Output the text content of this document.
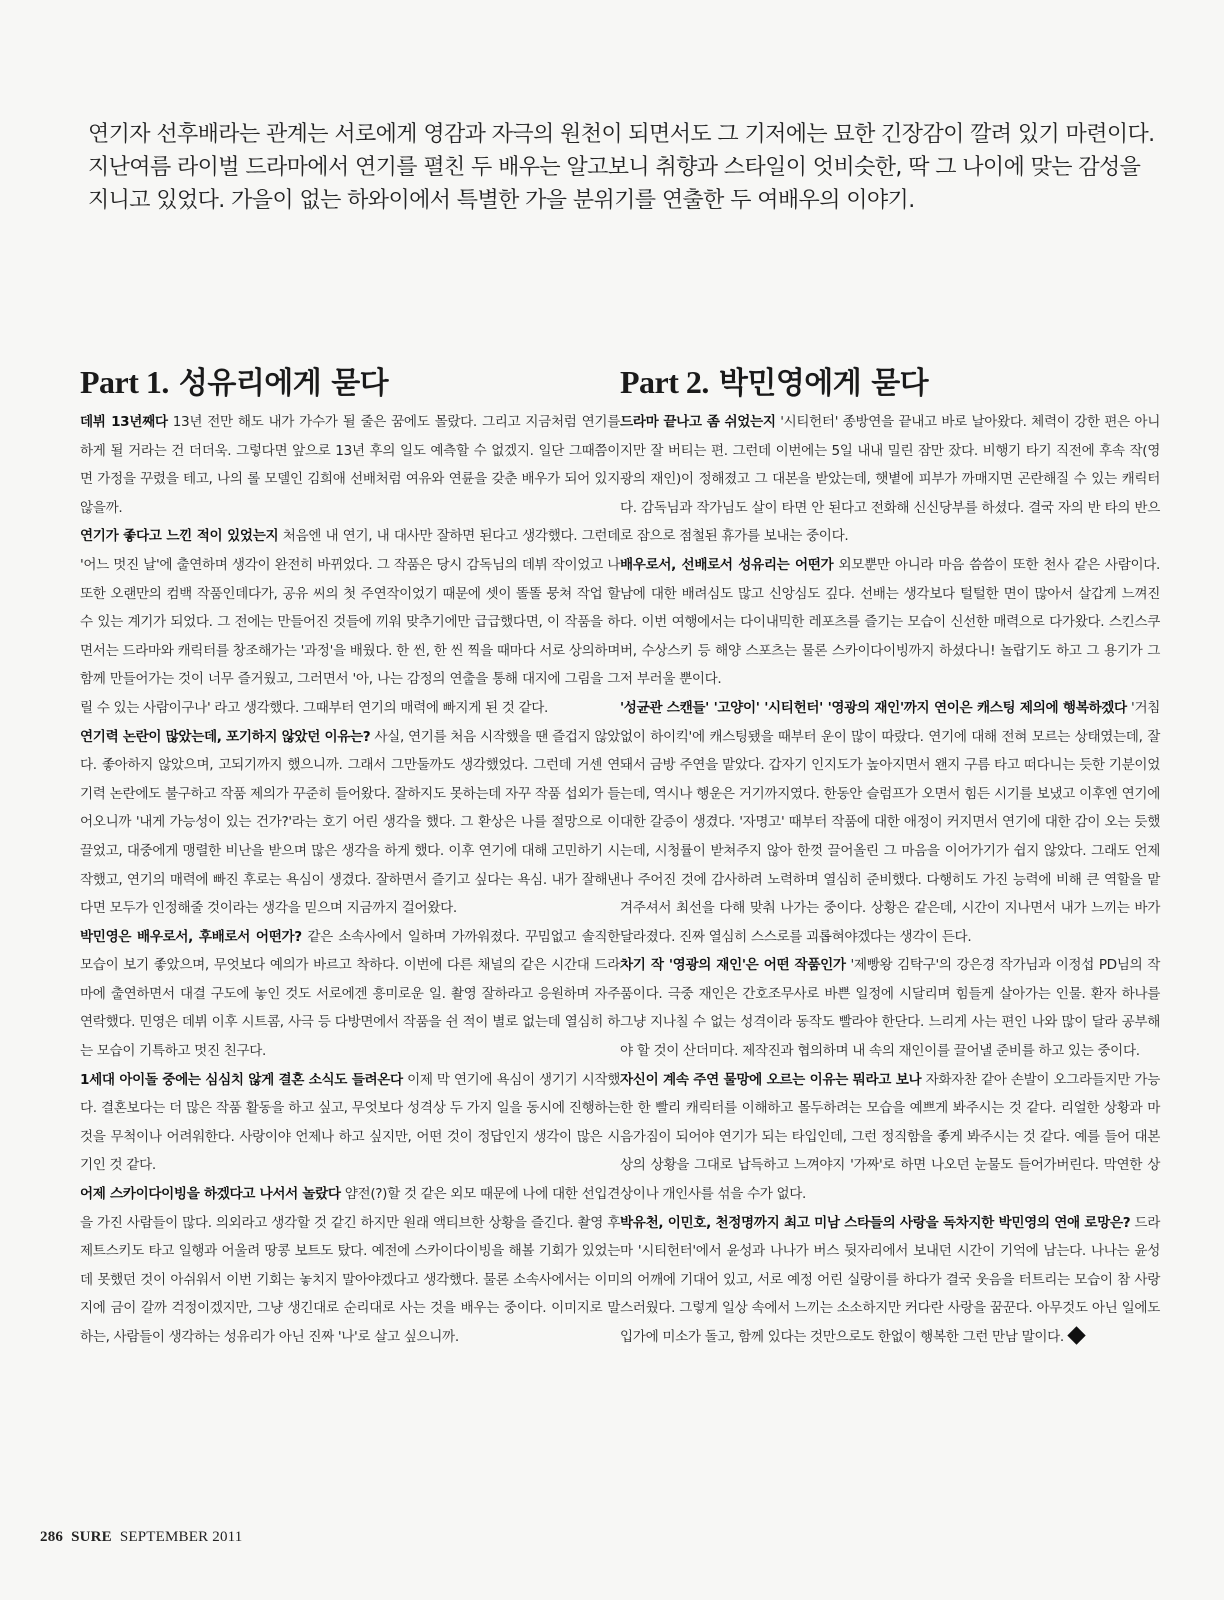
연기자 선후배라는 관계는 서로에게 영감과 자극의 원천이 되면서도 그 기저에는 묘한 긴장감이 깔려 있기 마련이다.

지난여름 라이벌 드라마에서 연기를 펼친 두 배우는 알고보니 취향과 스타일이 엇비슷한, 딱 그 나이에 맞는 감성을

지니고 있었다. 가을이 없는 하와이에서 특별한 가을 분위기를 연출한 두 여배우의 이야기.

Part 1. 성유리에게 묻다

데뷔 13년째다 13년 전만 해도 내가 가수가 될 줄은 꿈에도 몰랐다. 그리고 지금처럼 연기를 하게 될 거라는 건 더더욱. 그렇다면 앞으로 13년 후의 일도 예측할 수 없겠지. 일단 그때쯤이면 가정을 꾸렸을 테고, 나의 롤 모델인 김희애 선배처럼 여유와 연륜을 갖춘 배우가 되어 있지 않을까.

연기가 좋다고 느낀 적이 있었는지 처음엔 내 연기, 내 대사만 잘하면 된다고 생각했다. 그런데 '어느 멋진 날'에 출연하며 생각이 완전히 바뀌었다. 그 작품은 당시 감독님의 데뷔 작이었고 나 또한 오랜만의 컴백 작품인데다가, 공유 씨의 첫 주연작이었기 때문에 셋이 똘똘 뭉쳐 작업 할 수 있는 계기가 되었다. 그 전에는 만들어진 것들에 끼워 맞추기에만 급급했다면, 이 작품을 하면서는 드라마와 캐릭터를 창조해가는 '과정'을 배웠다. 한 씬, 한 씬 찍을 때마다 서로 상의하며 함께 만들어가는 것이 너무 즐거웠고, 그러면서 '아, 나는 감정의 연출을 통해 대지에 그림을 그릴 수 있는 사람이구나' 라고 생각했다. 그때부터 연기의 매력에 빠지게 된 것 같다.

연기력 논란이 많았는데, 포기하지 않았던 이유는? 사실, 연기를 처음 시작했을 땐 즐겁지 않았다. 좋아하지 않았으며, 고되기까지 했으니까. 그래서 그만둘까도 생각했었다. 그런데 거센 연기력 논란에도 불구하고 작품 제의가 꾸준히 들어왔다. 잘하지도 못하는데 자꾸 작품 섭외가 들어오니까 '내게 가능성이 있는 건가?'라는 호기 어린 생각을 했다. 그 환상은 나를 절망으로 이끌었고, 대중에게 맹렬한 비난을 받으며 많은 생각을 하게 했다. 이후 연기에 대해 고민하기 시작했고, 연기의 매력에 빠진 후로는 욕심이 생겼다. 잘하면서 즐기고 싶다는 욕심. 내가 잘해낸다면 모두가 인정해줄 것이라는 생각을 믿으며 지금까지 걸어왔다.

박민영은 배우로서, 후배로서 어떤가? 같은 소속사에서 일하며 가까워졌다. 꾸밈없고 솔직한 모습이 보기 좋았으며, 무엇보다 예의가 바르고 착하다. 이번에 다른 채널의 같은 시간대 드라마에 출연하면서 대결 구도에 놓인 것도 서로에겐 흥미로운 일. 촬영 잘하라고 응원하며 자주 연락했다. 민영은 데뷔 이후 시트콤, 사극 등 다방면에서 작품을 쉰 적이 별로 없는데 열심히 하는 모습이 기특하고 멋진 친구다.

1세대 아이돌 중에는 심심치 않게 결혼 소식도 들려온다 이제 막 연기에 욕심이 생기기 시작했다. 결혼보다는 더 많은 작품 활동을 하고 싶고, 무엇보다 성격상 두 가지 일을 동시에 진행하는 것을 무척이나 어려워한다. 사랑이야 언제나 하고 싶지만, 어떤 것이 정답인지 생각이 많은 시기인 것 같다.

어제 스카이다이빙을 하겠다고 나서서 놀랐다 얌전(?)할 것 같은 외모 때문에 나에 대한 선입견을 가진 사람들이 많다. 의외라고 생각할 것 같긴 하지만 원래 액티브한 상황을 즐긴다. 촬영 후 제트스키도 타고 일행과 어울려 땅콩 보트도 탔다. 예전에 스카이다이빙을 해볼 기회가 있었는데 못했던 것이 아쉬워서 이번 기회는 놓치지 말아야겠다고 생각했다. 물론 소속사에서는 이미지에 금이 갈까 걱정이겠지만, 그냥 생긴대로 순리대로 사는 것을 배우는 중이다. 이미지로 말하는, 사람들이 생각하는 성유리가 아닌 진짜 '나'로 살고 싶으니까.

Part 2. 박민영에게 묻다

드라마 끝나고 좀 쉬었는지 '시티헌터' 종방연을 끝내고 바로 날아왔다. 체력이 강한 편은 아니지만 잘 버티는 편. 그런데 이번에는 5일 내내 밀린 잠만 잤다. 비행기 타기 직전에 후속 작(영광의 재인)이 정해졌고 그 대본을 받았는데, 햇볕에 피부가 까매지면 곤란해질 수 있는 캐릭터다. 감독님과 작가님도 살이 타면 안 된다고 전화해 신신당부를 하셨다. 결국 자의 반 타의 반으로 잠으로 점철된 휴가를 보내는 중이다.

배우로서, 선배로서 성유리는 어떤가 외모뿐만 아니라 마음 씀씀이 또한 천사 같은 사람이다. 남에 대한 배려심도 많고 신앙심도 깊다. 선배는 생각보다 털털한 면이 많아서 살갑게 느껴진다. 이번 여행에서는 다이내믹한 레포츠를 즐기는 모습이 신선한 매력으로 다가왔다. 스킨스쿠버, 수상스키 등 해양 스포츠는 물론 스카이다이빙까지 하셨다니! 놀랍기도 하고 그 용기가 그저 부러울 뿐이다.

'성균관 스캔들' '고양이' '시티헌터' '영광의 재인'까지 연이은 캐스팅 제의에 행복하겠다 '거침없이 하이킥'에 캐스팅됐을 때부터 운이 많이 따랐다. 연기에 대해 전혀 모르는 상태였는데, 잘돼서 금방 주연을 맡았다. 갑자기 인지도가 높아지면서 왠지 구름 타고 떠다니는 듯한 기분이었는데, 역시나 행운은 거기까지였다. 한동안 슬럼프가 오면서 힘든 시기를 보냈고 이후엔 연기에 대한 갈증이 생겼다. '자명고' 때부터 작품에 대한 애정이 커지면서 연기에 대한 감이 오는 듯했는데, 시청률이 받쳐주지 않아 한껏 끌어올린 그 마음을 이어가기가 쉽지 않았다. 그래도 언제나 주어진 것에 감사하려 노력하며 열심히 준비했다. 다행히도 가진 능력에 비해 큰 역할을 맡겨주셔서 최선을 다해 맞춰 나가는 중이다. 상황은 같은데, 시간이 지나면서 내가 느끼는 바가 달라졌다. 진짜 열심히 스스로를 괴롭혀야겠다는 생각이 든다.

차기 작 '영광의 재인'은 어떤 작품인가 '제빵왕 김탁구'의 강은경 작가님과 이정섭 PD님의 작품이다. 극중 재인은 간호조무사로 바쁜 일정에 시달리며 힘들게 살아가는 인물. 환자 하나를 그냥 지나칠 수 없는 성격이라 동작도 빨라야 한단다. 느리게 사는 편인 나와 많이 달라 공부해야 할 것이 산더미다. 제작진과 협의하며 내 속의 재인이를 끌어낼 준비를 하고 있는 중이다.

자신이 계속 주연 물망에 오르는 이유는 뭐라고 보나 자화자찬 같아 손발이 오그라들지만 가능한 한 빨리 캐릭터를 이해하고 몰두하려는 모습을 예쁘게 봐주시는 것 같다. 리얼한 상황과 마음가짐이 되어야 연기가 되는 타입인데, 그런 정직함을 좋게 봐주시는 것 같다. 예를 들어 대본상의 상황을 그대로 납득하고 느껴야지 '가짜'로 하면 나오던 눈물도 들어가버린다. 막연한 상상이나 개인사를 섞을 수가 없다.

박유천, 이민호, 천정명까지 최고 미남 스타들의 사랑을 독차지한 박민영의 연애 로망은? 드라마 '시티헌터'에서 윤성과 나나가 버스 뒷자리에서 보내던 시간이 기억에 남는다. 나나는 윤성의 어깨에 기대어 있고, 서로 예정 어린 실랑이를 하다가 결국 웃음을 터트리는 모습이 참 사랑스러웠다. 그렇게 일상 속에서 느끼는 소소하지만 커다란 사랑을 꿈꾼다. 아무것도 아닌 일에도 입가에 미소가 돌고, 함께 있다는 것만으로도 한없이 행복한 그런 만남 말이다.

286 SURE SEPTEMBER 2011
